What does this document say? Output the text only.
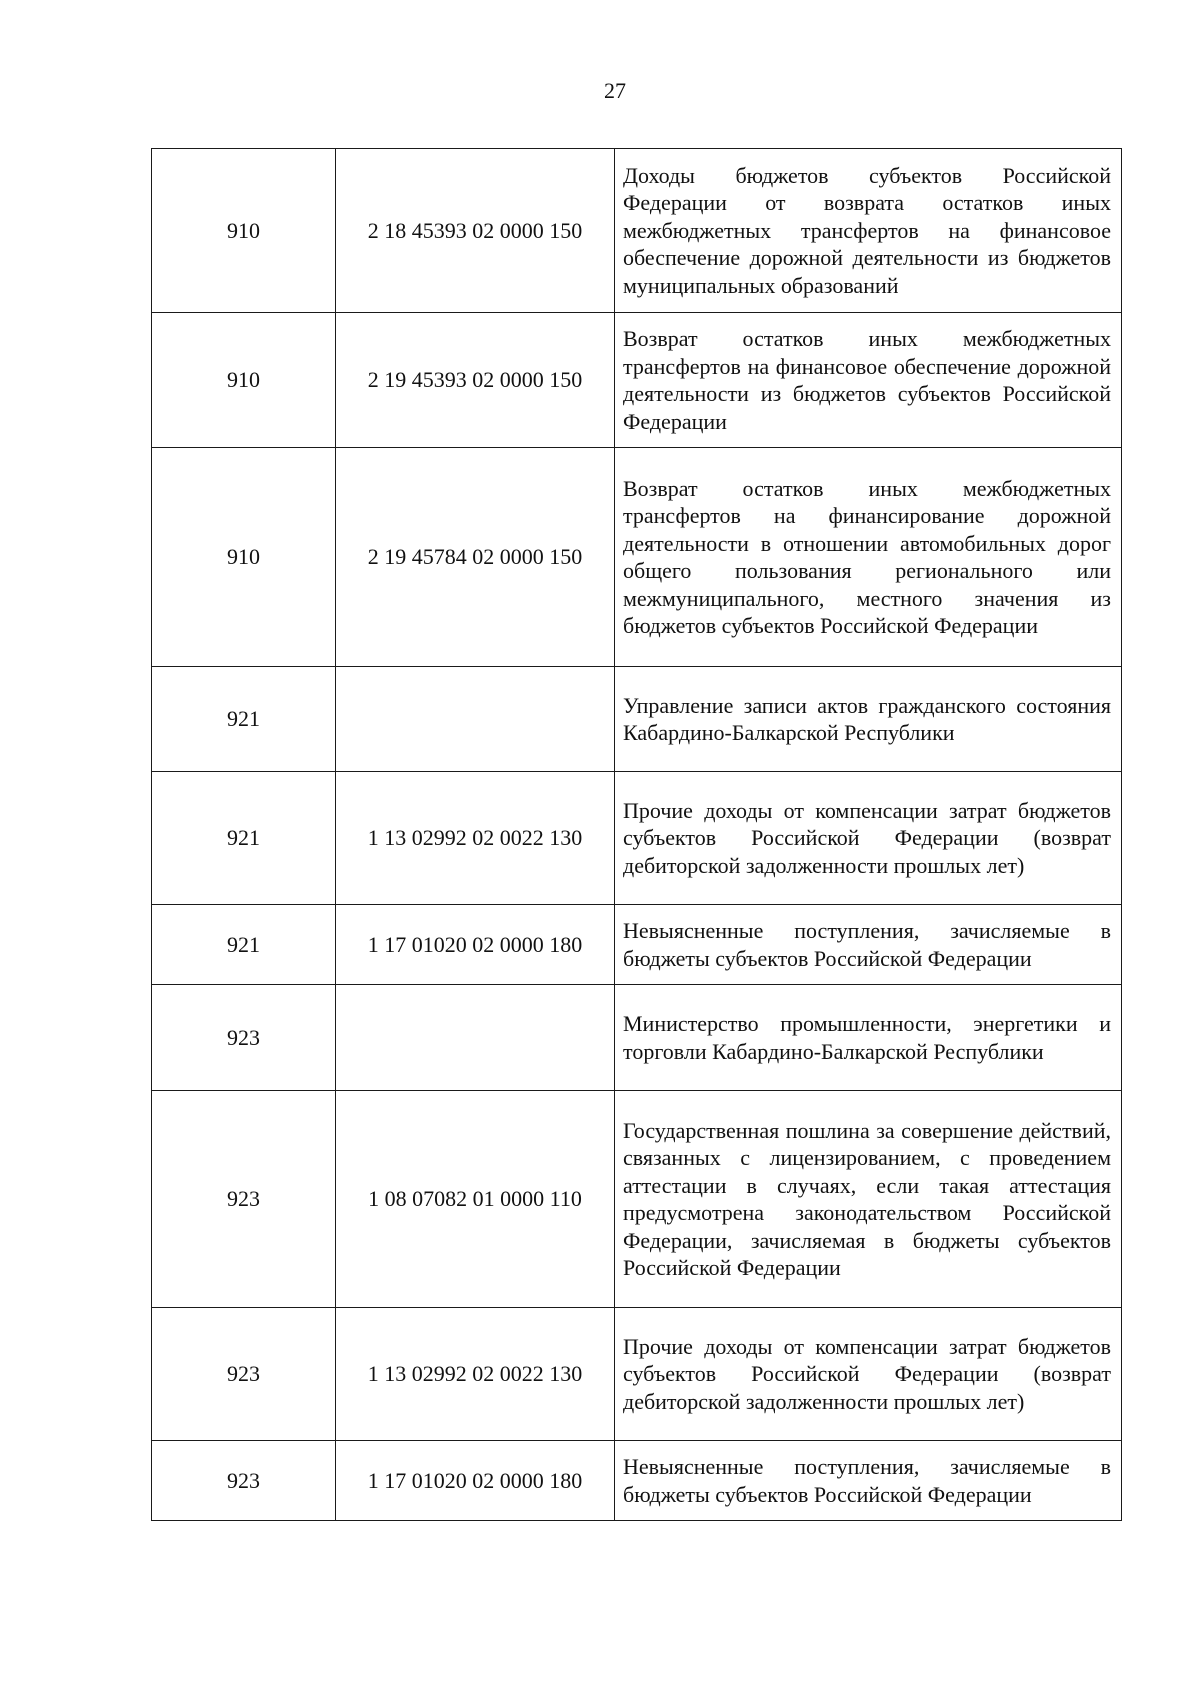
27
910	2 18 45393 02 0000 150	Доходы бюджетов субъектов Российской Федерации от возврата остатков иных межбюджетных трансфертов на финансовое обеспечение дорожной деятельности из бюджетов муниципальных образований

910	2 19 45393 02 0000 150	Возврат остатков иных межбюджетных трансфертов на финансовое обеспечение дорожной деятельности из бюджетов субъектов Российской Федерации

910	2 19 45784 02 0000 150	Возврат остатков иных межбюджетных трансфертов на финансирование дорожной деятельности в отношении автомобильных дорог общего пользования регионального или межмуниципального, местного значения из бюджетов субъектов Российской Федерации

921		Управление записи актов гражданского состояния Кабардино-Балкарской Республики

921	1 13 02992 02 0022 130	Прочие доходы от компенсации затрат бюджетов субъектов Российской Федерации (возврат дебиторской задолженности прошлых лет)

921	1 17 01020 02 0000 180	Невыясненные поступления, зачисляемые в бюджеты субъектов Российской Федерации

923		Министерство промышленности, энергетики и торговли Кабардино-Балкарской Республики

923	1 08 07082 01 0000 110	Государственная пошлина за совершение действий, связанных с лицензированием, с проведением аттестации в случаях, если такая аттестация предусмотрена законодательством Российской Федерации, зачисляемая в бюджеты субъектов Российской Федерации

923	1 13 02992 02 0022 130	Прочие доходы от компенсации затрат бюджетов субъектов Российской Федерации (возврат дебиторской задолженности прошлых лет)

923	1 17 01020 02 0000 180	Невыясненные поступления, зачисляемые в бюджеты субъектов Российской Федерации
